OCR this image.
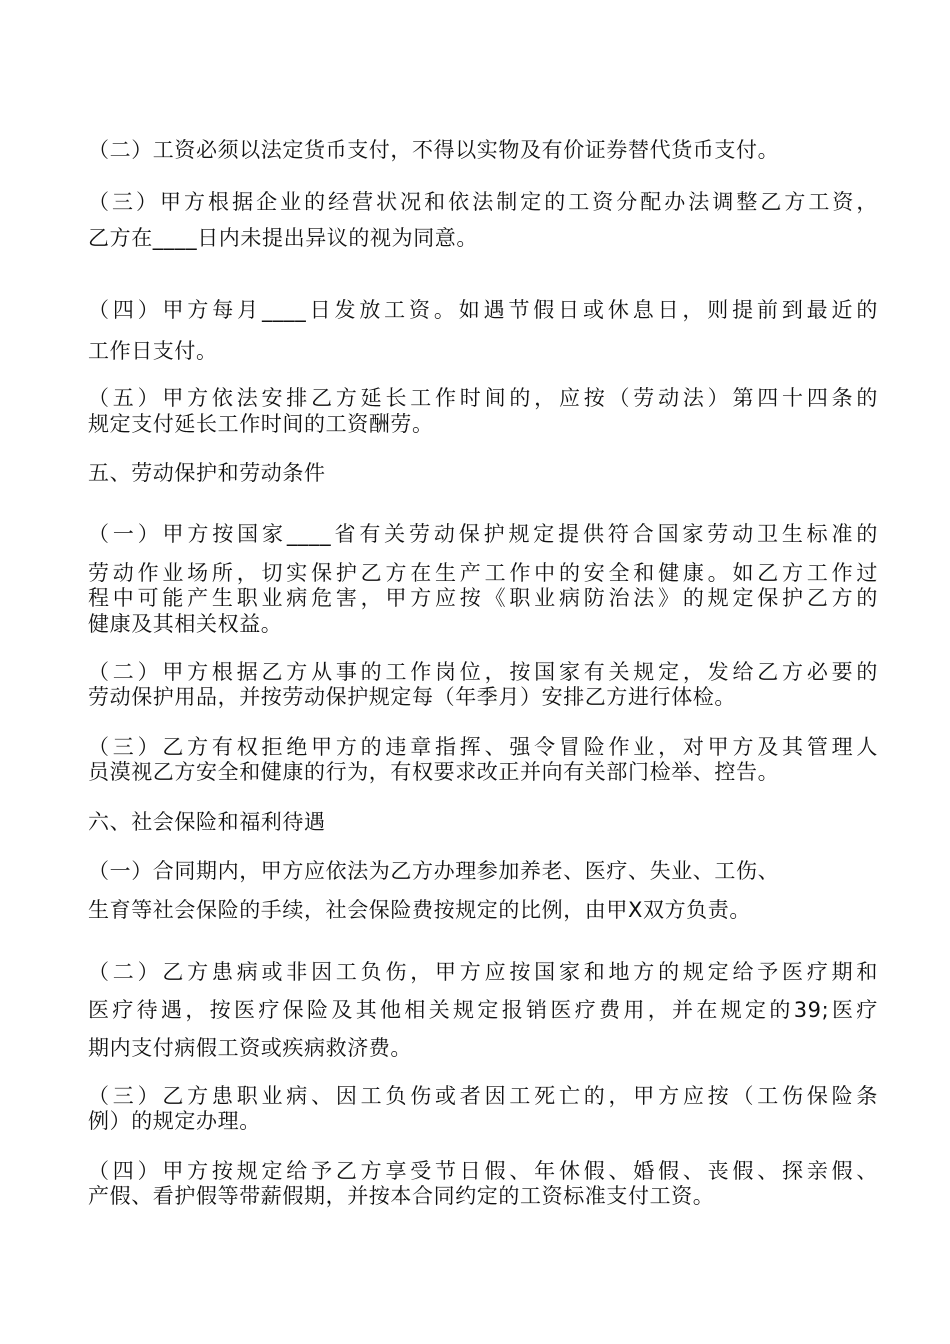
（二）工资必须以法定货币支付，不得以实物及有价证券替代货币支付。
（三）甲方根据企业的经营状况和依法制定的工资分配办法调整乙方工资，
乙方在____日内未提出异议的视为同意。
（四）甲方每月____日发放工资。如遇节假日或休息日，则提前到最近的
工作日支付。
（五）甲方依法安排乙方延长工作时间的，应按（劳动法）第四十四条的
规定支付延长工作时间的工资酬劳。
五、劳动保护和劳动条件
（一）甲方按国家____省有关劳动保护规定提供符合国家劳动卫生标准的
劳动作业场所，切实保护乙方在生产工作中的安全和健康。如乙方工作过
程中可能产生职业病危害，甲方应按《职业病防治法》的规定保护乙方的
健康及其相关权益。
（二）甲方根据乙方从事的工作岗位，按国家有关规定，发给乙方必要的
劳动保护用品，并按劳动保护规定每（年季月）安排乙方进行体检。
（三）乙方有权拒绝甲方的违章指挥、强令冒险作业，对甲方及其管理人
员漠视乙方安全和健康的行为，有权要求改正并向有关部门检举、控告。
六、社会保险和福利待遇
（一）合同期内，甲方应依法为乙方办理参加养老、医疗、失业、工伤、
生育等社会保险的手续，社会保险费按规定的比例，由甲X双方负责。
（二）乙方患病或非因工负伤，甲方应按国家和地方的规定给予医疗期和
医疗待遇，按医疗保险及其他相关规定报销医疗费用，并在规定的39;医疗
期内支付病假工资或疾病救济费。
（三）乙方患职业病、因工负伤或者因工死亡的，甲方应按（工伤保险条
例）的规定办理。
（四）甲方按规定给予乙方享受节日假、年休假、婚假、丧假、探亲假、
产假、看护假等带薪假期，并按本合同约定的工资标准支付工资。
